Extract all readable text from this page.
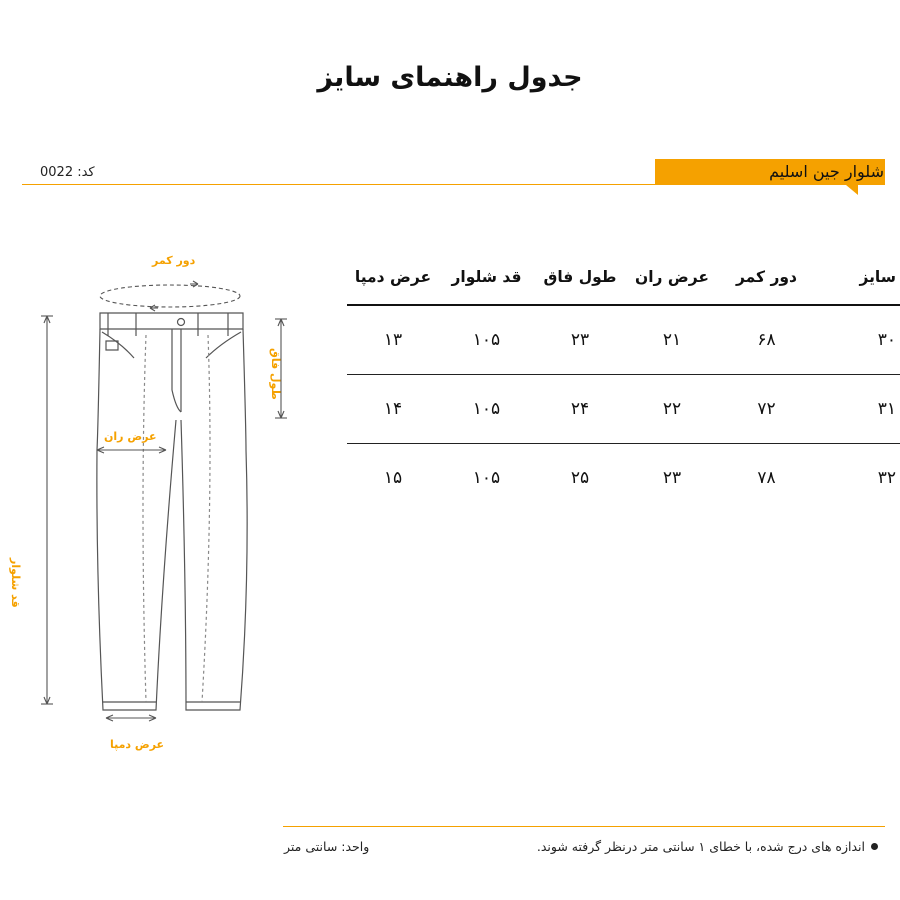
جدول راهنمای سایز
شلوار جین اسلیم
کد: 0022
دور کمر
طول فاق
عرض ران
قد شلوار
عرض دمپا
سایز	دور کمر	عرض ران	طول فاق	قد شلوار	عرض دمپا
۳۰	۶۸	۲۱	۲۳	۱۰۵	۱۳
۳۱	۷۲	۲۲	۲۴	۱۰۵	۱۴
۳۲	۷۸	۲۳	۲۵	۱۰۵	۱۵
اندازه های درج شده، با خطای ۱ سانتی متر درنظر گرفته شوند.
واحد: سانتی متر
